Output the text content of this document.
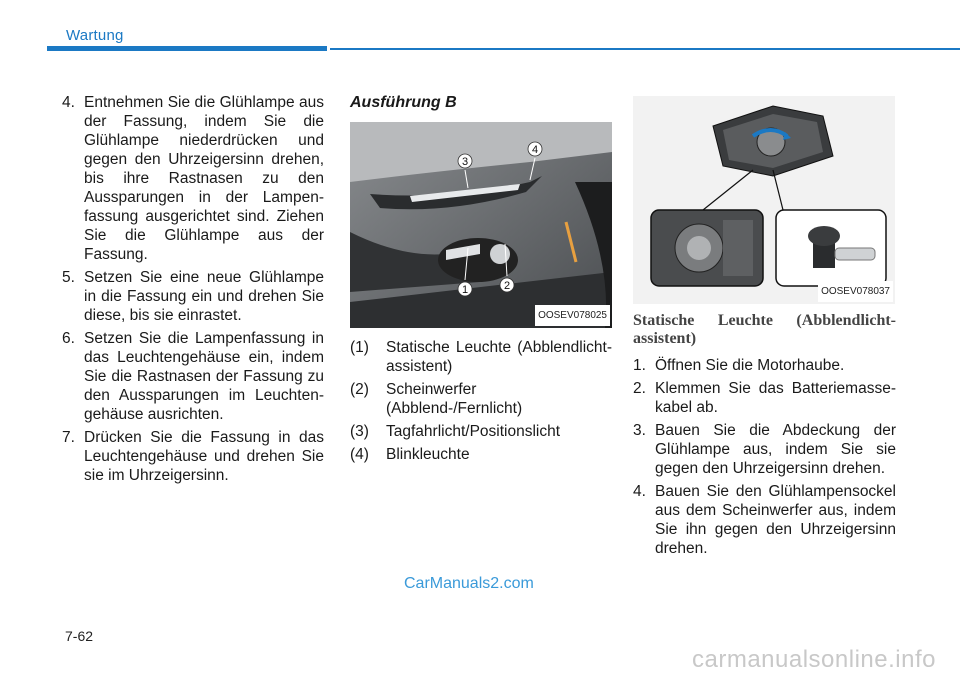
Wartung
4. Entnehmen Sie die Glühlampe aus der Fassung, indem Sie die Glühlampe niederdrücken und gegen den Uhrzeigersinn drehen, bis ihre Rastnasen zu den Aussparungen in der Lampenfassung ausgerichtet sind. Ziehen Sie die Glühlampe aus der Fassung.
5. Setzen Sie eine neue Glühlampe in die Fassung ein und drehen Sie diese, bis sie einrastet.
6. Setzen Sie die Lampenfassung in das Leuchtengehäuse ein, indem Sie die Rastnasen der Fassung zu den Aussparungen im Leuchtengehäuse ausrichten.
7. Drücken Sie die Fassung in das Leuchtengehäuse und drehen Sie sie im Uhrzeigersinn.
Ausführung B
1	2
3
4
OOSEV078025
(1)	Statische Leuchte (Abblendlichtassistent)
(2)	Scheinwerfer (Abblend-/Fernlicht)
(3)	Tagfahrlicht/Positionslicht
(4)	Blinkleuchte
OOSEV078037
Statische Leuchte (Abblendlichtassistent)
1. Öffnen Sie die Motorhaube.
2. Klemmen Sie das Batteriemassekabel ab.
3. Bauen Sie die Abdeckung der Glühlampe aus, indem Sie sie gegen den Uhrzeigersinn drehen.
4. Bauen Sie den Glühlampensockel aus dem Scheinwerfer aus, indem Sie ihn gegen den Uhrzeigersinn drehen.
CarManuals2.com
7-62
carmanualsonline.info
